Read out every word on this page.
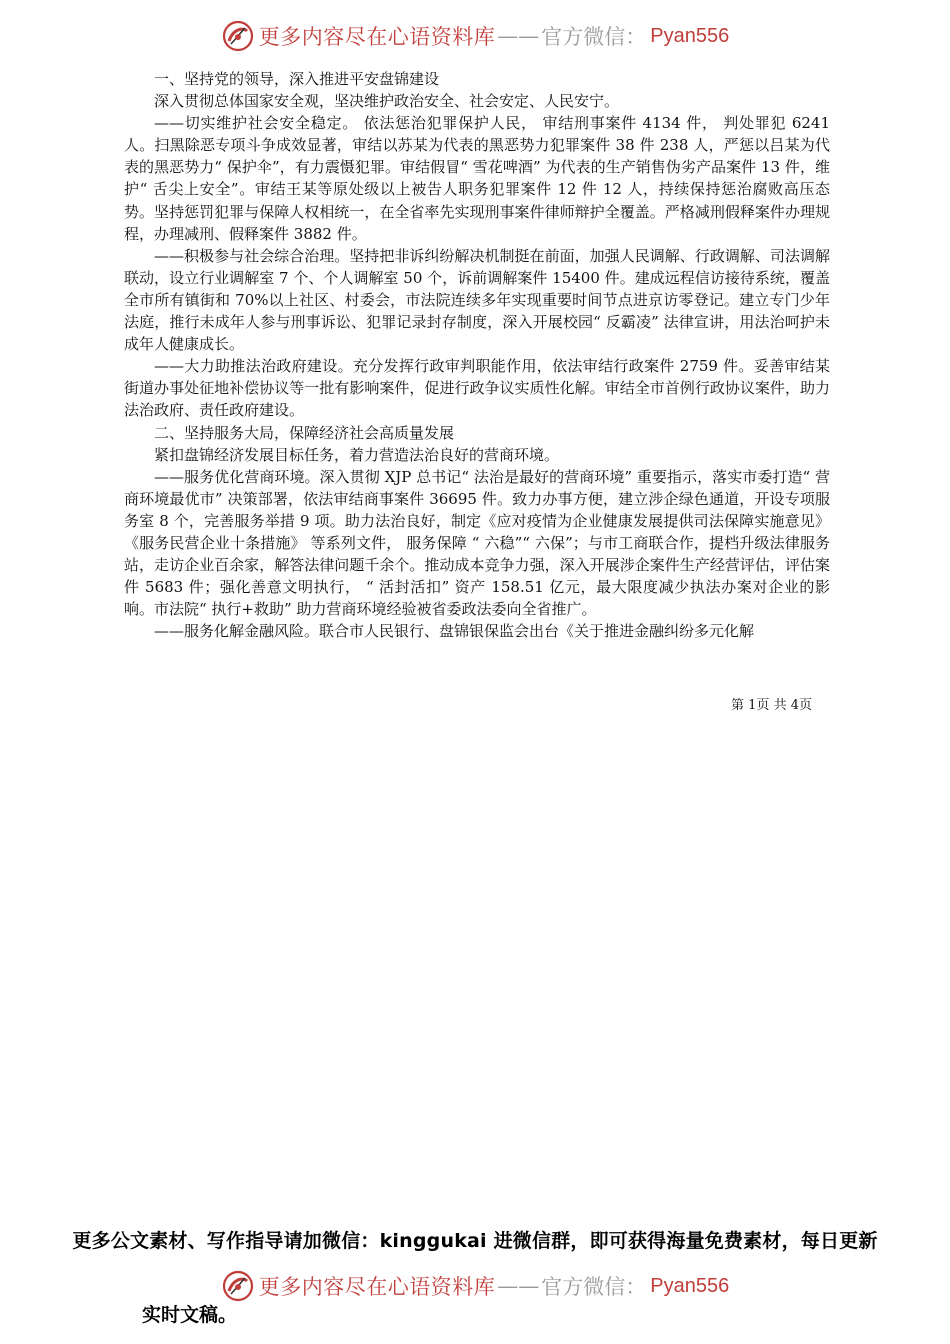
更多内容尽在心语资料库 —— 官方微信： Pyan556

一、坚持党的领导，深入推进平安盘锦建设

深入贯彻总体国家安全观，坚决维护政治安全、社会安定、人民安宁。

——切实维护社会安全稳定。 依法惩治犯罪保护人民， 审结刑事案件 4134 件， 判处罪犯 6241 人。扫黑除恶专项斗争成效显著，审结以苏某为代表的黑恶势力犯罪案件 38 件 238 人，严惩以吕某为代表的黑恶势力“ 保护伞”，有力震慑犯罪。审结假冒“ 雪花啤酒” 为代表的生产销售伪劣产品案件 13 件，维护“ 舌尖上安全”。审结王某等原处级以上被告人职务犯罪案件 12 件 12 人，持续保持惩治腐败高压态势。坚持惩罚犯罪与保障人权相统一，在全省率先实现刑事案件律师辩护全覆盖。严格减刑假释案件办理规程，办理减刑、假释案件 3882 件。

——积极参与社会综合治理。坚持把非诉纠纷解决机制挺在前面，加强人民调解、行政调解、司法调解联动，设立行业调解室 7 个、个人调解室 50 个，诉前调解案件 15400 件。建成远程信访接待系统，覆盖全市所有镇街和 70%以上社区、村委会，市法院连续多年实现重要时间节点进京访零登记。建立专门少年法庭，推行未成年人参与刑事诉讼、犯罪记录封存制度，深入开展校园“ 反霸凌” 法律宣讲，用法治呵护未成年人健康成长。

——大力助推法治政府建设。充分发挥行政审判职能作用，依法审结行政案件 2759 件。妥善审结某街道办事处征地补偿协议等一批有影响案件，促进行政争议实质性化解。审结全市首例行政协议案件，助力法治政府、责任政府建设。

二、坚持服务大局，保障经济社会高质量发展

紧扣盘锦经济发展目标任务，着力营造法治良好的营商环境。

——服务优化营商环境。深入贯彻 XJP 总书记“ 法治是最好的营商环境” 重要指示，落实市委打造“ 营商环境最优市” 决策部署，依法审结商事案件 36695 件。致力办事方便，建立涉企绿色通道，开设专项服务室 8 个，完善服务举措 9 项。助力法治良好，制定《应对疫情为企业健康发展提供司法保障实施意见》《服务民营企业十条措施》 等系列文件， 服务保障 “ 六稳”“ 六保”；与市工商联合作，提档升级法律服务站，走访企业百余家，解答法律问题千余个。推动成本竞争力强，深入开展涉企案件生产经营评估，评估案件 5683 件；强化善意文明执行， “ 活封活扣” 资产 158.51 亿元，最大限度减少执法办案对企业的影响。市法院“ 执行+救助” 助力营商环境经验被省委政法委向全省推广。

——服务化解金融风险。联合市人民银行、盘锦银保监会出台《关于推进金融纠纷多元化解

第 1页 共 4页
更多公文素材、写作指导请加微信：kinggukai 进微信群，即可获得海量免费素材，每日更新
更多内容尽在心语资料库 —— 官方微信： Pyan556
实时文稿。
